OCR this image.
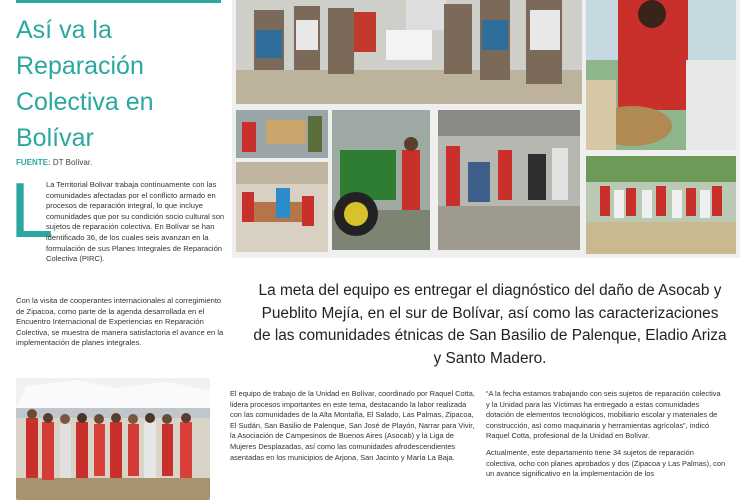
Así va la Reparación Colectiva en Bolívar
FUENTE: DT Bolívar.
L

La Territorial Bolivar trabaja continuamente con las comunidades afectadas por el conflicto armado en procesos de reparación integral, lo que incluye comunidades que por su condición socio cultural son sujetos de reparación colectiva. En Bolívar se han identificado 36, de los cuales seis avanzan en la formulación de sus Planes Integrales de Reparación Colectiva (PIRC).

Con la visita de cooperantes internacionales al corregimiento de Zipacoa, como parte de la agenda desarrollada en el Encuentro Internacional de Experiencias en Reparación Colectiva, se muestra de manera satisfactoria el avance en la implementación de planes integrales.

La meta del equipo es entregar el diagnóstico del daño de Asocab y Pueblito Mejía, en el sur de Bolívar, así como las caracterizaciones de las comunidades étnicas de San Basilio de Palenque, Eladio Ariza y Santo Madero.

El equipo de trabajo de la Unidad en Bolívar, coordinado por Raquel Cotta, lidera procesos importantes en este tema, destacando la labor realizada con las comunidades de la Alta Montaña, El Salado, Las Palmas, Zipacoa, El Sudán, San Basilio de Palenque, San José de Playón, Narrar para Vivir, la Asociación de Campesinos de Buenos Aires (Asocab) y la Liga de Mujeres Desplazadas, así como las comunidades afrodescendientes asentadas en los municipios de Arjona, San Jacinto y María La Baja.

“A la fecha estamos trabajando con seis sujetos de reparación colectiva y la Unidad para las Víctimas ha entregado a estas comunidades dotación de elementos tecnológicos, mobiliario escolar y materiales de construcción, así como maquinaria y herramientas agrícolas”, indicó Raquel Cotta, profesional de la Unidad en Bolívar.

Actualmente, este departamento tiene 34 sujetos de reparación colectiva, ocho con planes aprobados y dos (Zipacoa y Las Palmas), con un avance significativo en la implementación de los
